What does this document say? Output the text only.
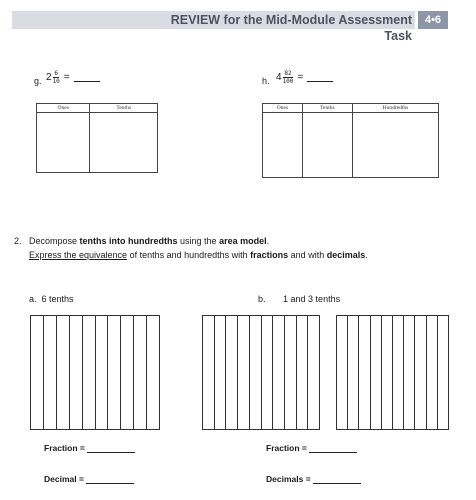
REVIEW for the Mid-Module Assessment Task
4•6
g. $2 \frac{6}{10}$ =
Ones	Tenths

h. $4 \frac{82}{100}$ =
Ones	Tenths	Hundredths

2. Decompose tenths into hundredths using the area model.
Express the equivalence of tenths and hundredths with fractions and with decimals.
a. 6 tenths
Fraction =
Decimal =
b. 1 and 3 tenths
Fraction =
Decimals =
